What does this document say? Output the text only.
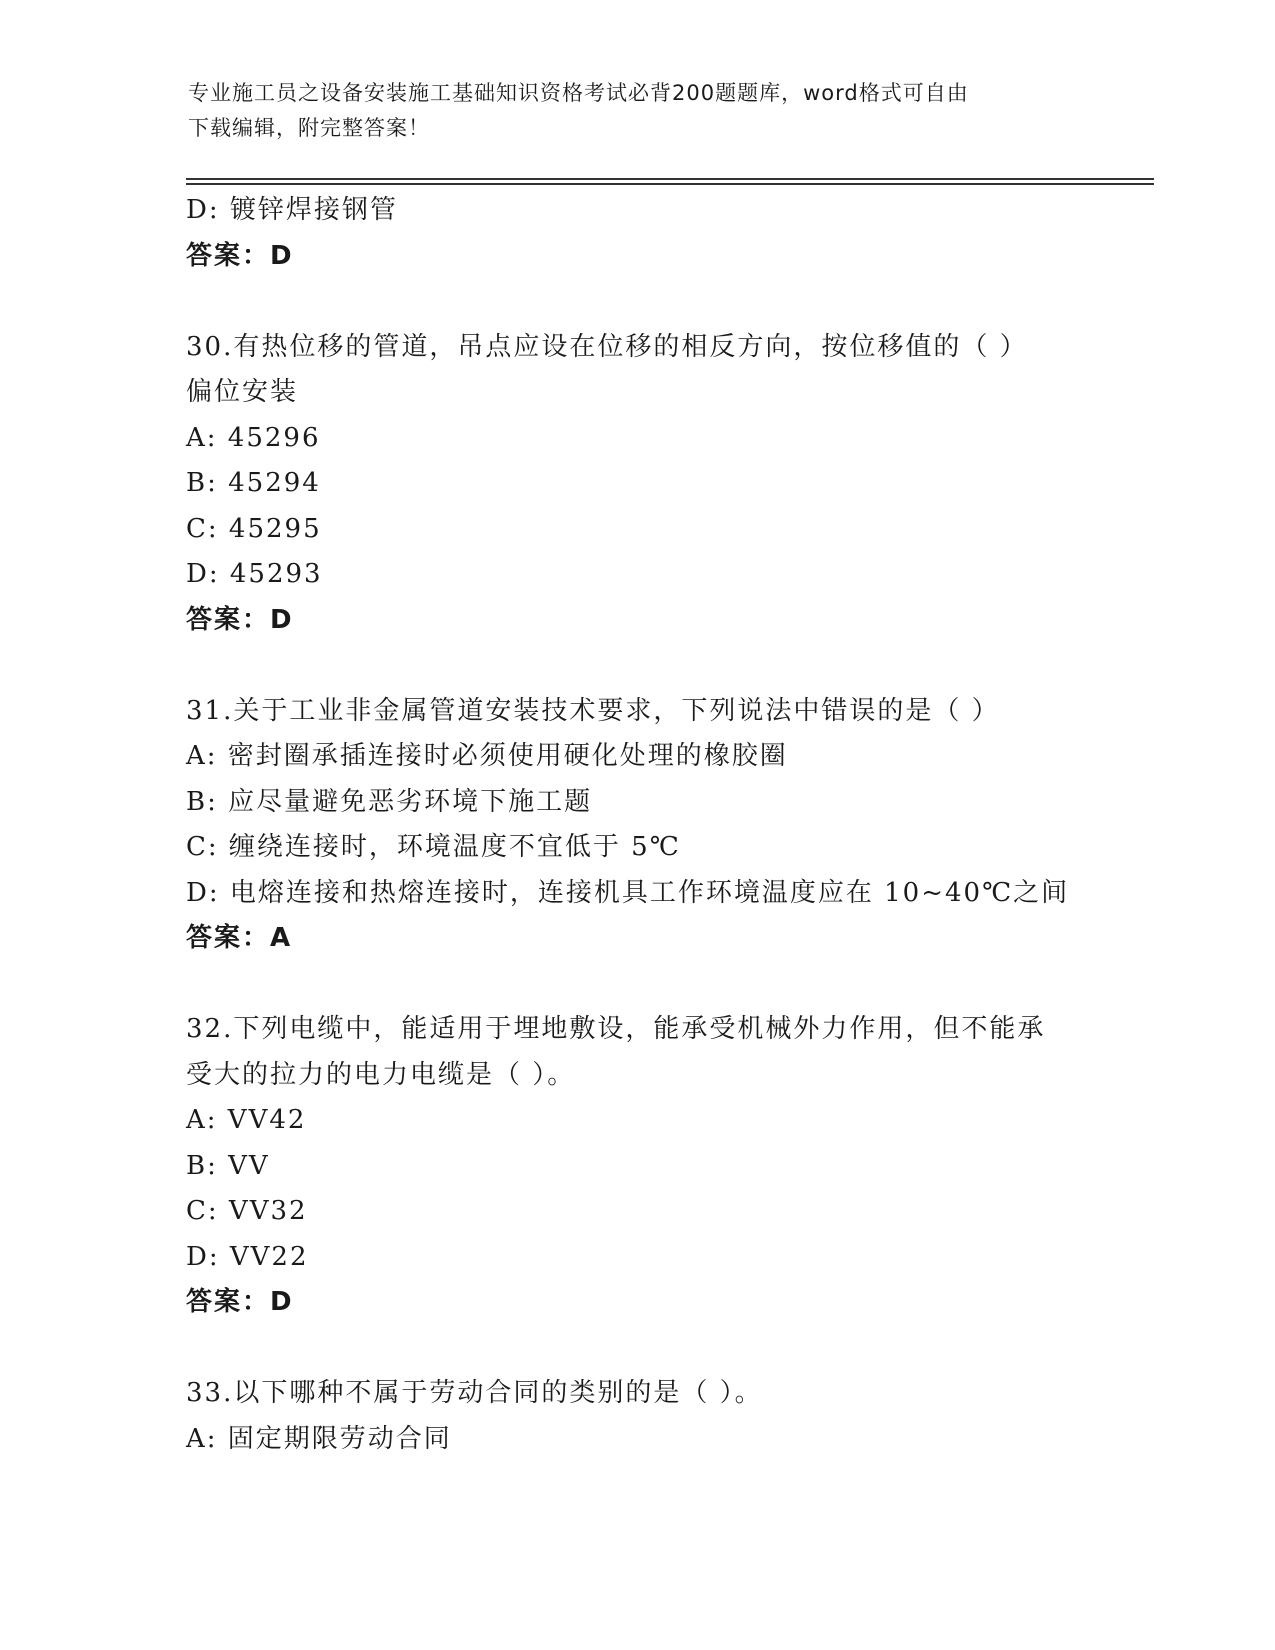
专业施工员之设备安装施工基础知识资格考试必背200题题库，word格式可自由
下载编辑，附完整答案！
D: 镀锌焊接钢管
答案：D
30.有热位移的管道，吊点应设在位移的相反方向，按位移值的（ ）
偏位安装
A: 45296
B: 45294
C: 45295
D: 45293
答案：D
31.关于工业非金属管道安装技术要求，下列说法中错误的是（ ）
A: 密封圈承插连接时必须使用硬化处理的橡胶圈
B: 应尽量避免恶劣环境下施工题
C: 缠绕连接时，环境温度不宜低于 5℃
D: 电熔连接和热熔连接时，连接机具工作环境温度应在 10~40℃之间
答案：A
32.下列电缆中，能适用于埋地敷设，能承受机械外力作用，但不能承
受大的拉力的电力电缆是（ ）。
A: VV42
B: VV
C: VV32
D: VV22
答案：D
33.以下哪种不属于劳动合同的类别的是（ ）。
A: 固定期限劳动合同
